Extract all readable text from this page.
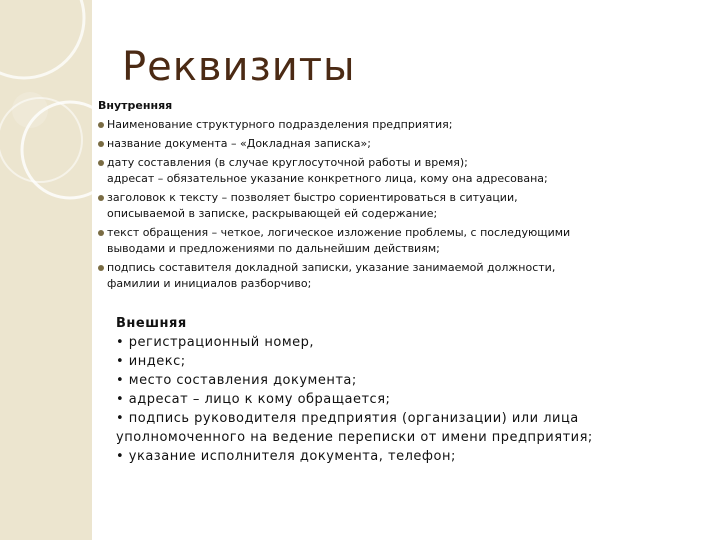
Реквизиты
Внутренняя
Наименование структурного подразделения предприятия;
название документа – «Докладная записка»;
дату составления (в случае круглосуточной работы и время);
адресат – обязательное указание конкретного лица, кому она адресована;
заголовок к тексту – позволяет быстро сориентироваться в ситуации,
описываемой в записке, раскрывающей ей содержание;
текст обращения – четкое, логическое изложение проблемы, с последующими
выводами и предложениями по дальнейшим действиям;
подпись составителя докладной записки, указание занимаемой должности,
фамилии и инициалов разборчиво;
Внешняя
• регистрационный номер,
• индекс;
• место составления документа;
• адресат – лицо к кому обращается;
• подпись руководителя предприятия (организации) или лица
уполномоченного на ведение переписки от имени предприятия;
• указание исполнителя документа, телефон;
